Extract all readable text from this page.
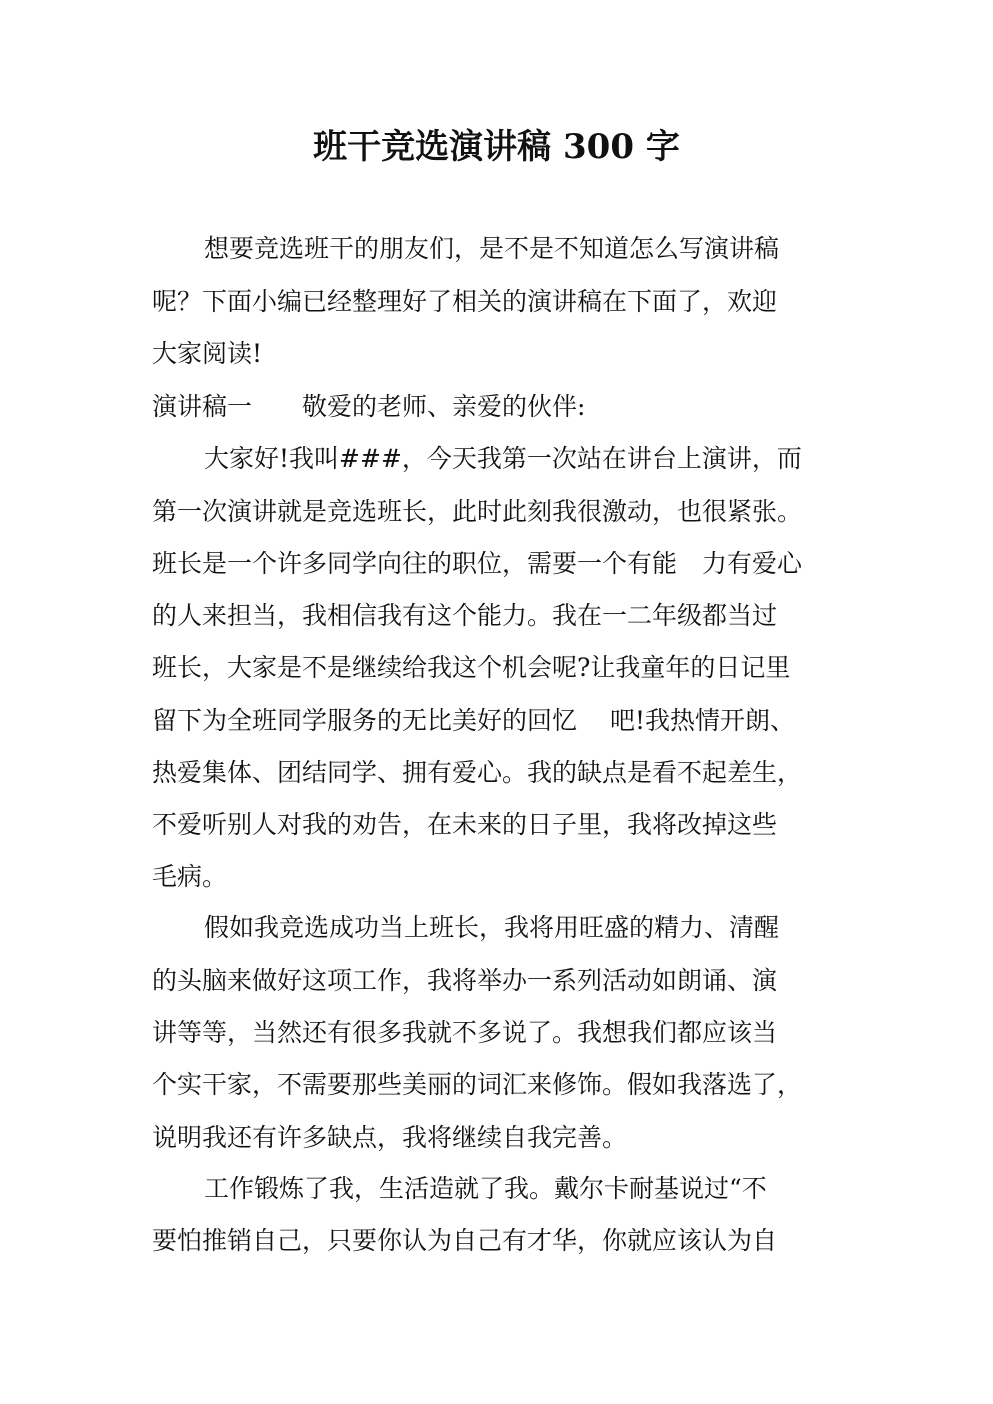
班干竞选演讲稿 300 字
想要竞选班干的朋友们，是不是不知道怎么写演讲稿
呢？下面小编已经整理好了相关的演讲稿在下面了，欢迎
大家阅读!
演讲稿一　　敬爱的老师、亲爱的伙伴:
大家好!我叫###，今天我第一次站在讲台上演讲，而
第一次演讲就是竞选班长，此时此刻我很激动，也很紧张。
班长是一个许多同学向往的职位，需要一个有能　力有爱心
的人来担当，我相信我有这个能力。我在一二年级都当过
班长，大家是不是继续给我这个机会呢?让我童年的日记里
留下为全班同学服务的无比美好的回忆　 吧!我热情开朗、
热爱集体、团结同学、拥有爱心。我的缺点是看不起差生，
不爱听别人对我的劝告，在未来的日子里，我将改掉这些
毛病。
假如我竞选成功当上班长，我将用旺盛的精力、清醒
的头脑来做好这项工作，我将举办一系列活动如朗诵、演
讲等等，当然还有很多我就不多说了。我想我们都应该当
个实干家，不需要那些美丽的词汇来修饰。假如我落选了，
说明我还有许多缺点，我将继续自我完善。
工作锻炼了我，生活造就了我。戴尔卡耐基说过“不
要怕推销自己，只要你认为自己有才华，你就应该认为自
